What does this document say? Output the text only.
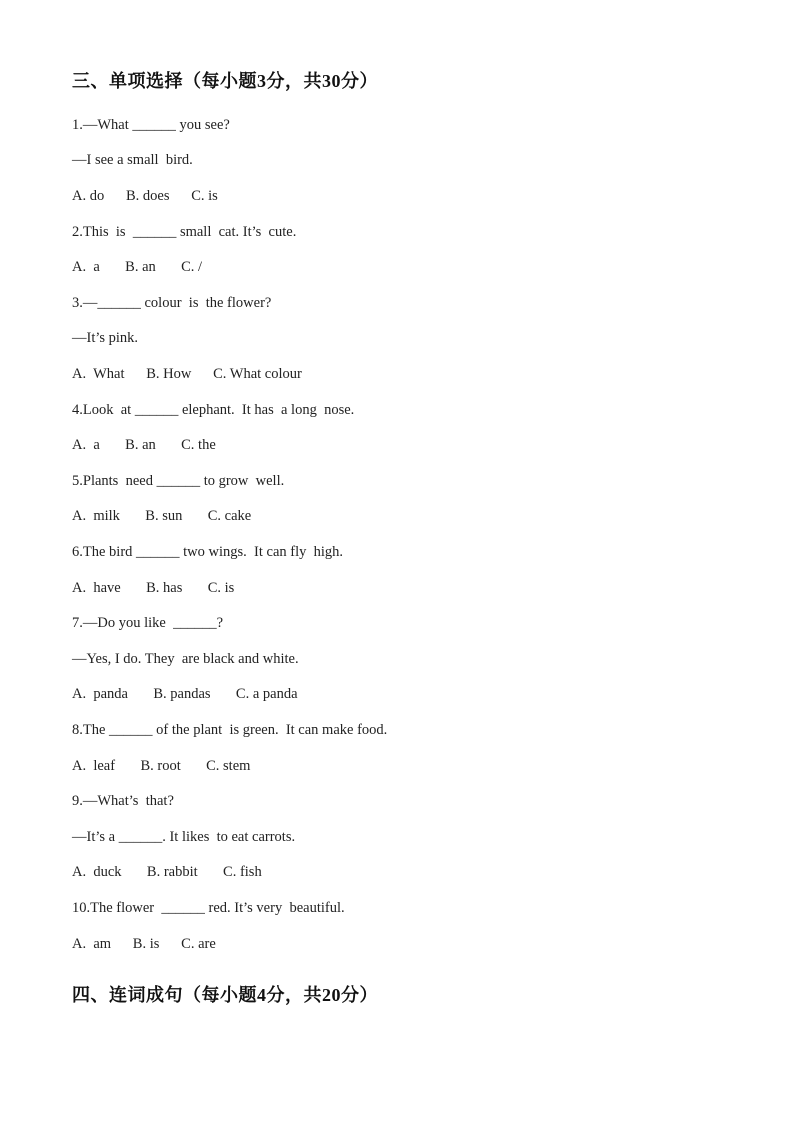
三、单项选择（每小题3分，共30分）
1.—What ______ you see?
—I see a small  bird.
A. do      B. does      C. is
2.This  is  ______ small  cat. It’s  cute.
A.  a       B. an       C. /
3.—______ colour  is  the flower?
—It’s pink.
A.  What      B. How      C. What colour
4.Look  at ______ elephant.  It has  a long  nose.
A.  a       B. an       C. the
5.Plants  need ______ to grow  well.
A.  milk       B. sun       C. cake
6.The bird ______ two wings.  It can fly  high.
A.  have       B. has       C. is
7.—Do you like  ______?
—Yes, I do. They  are black and white.
A.  panda       B. pandas       C. a panda
8.The ______ of the plant  is green.  It can make food.
A.  leaf       B. root       C. stem
9.—What’s  that?
—It’s a ______. It likes  to eat carrots.
A.  duck       B. rabbit       C. fish
10.The flower  ______ red. It’s very  beautiful.
A.  am      B. is      C. are
四、连词成句（每小题4分，共20分）
